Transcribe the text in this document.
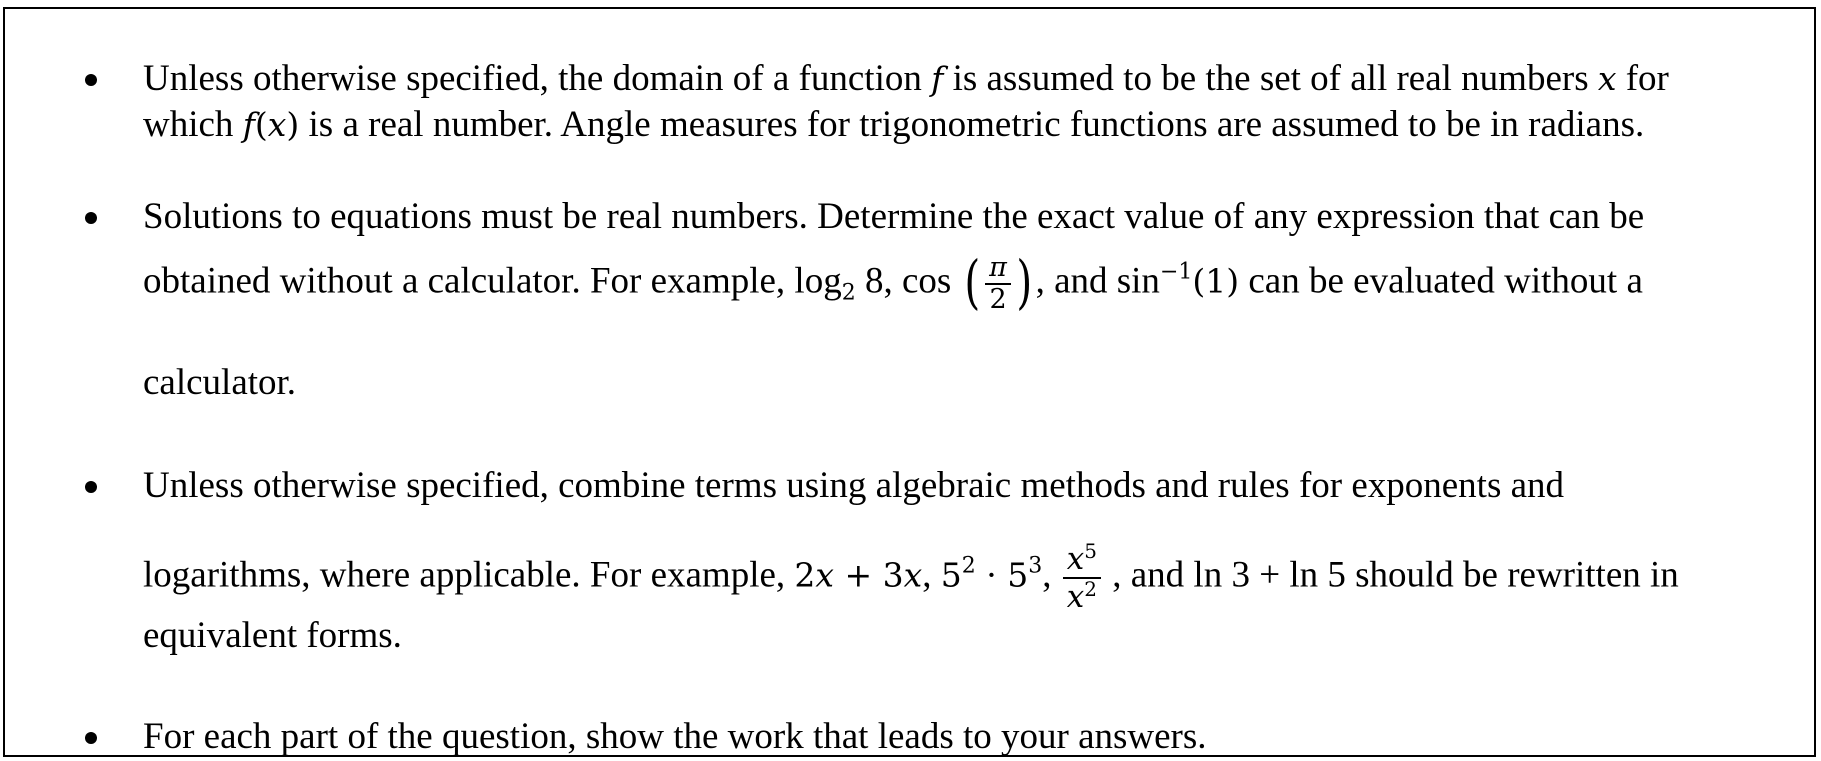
Unless otherwise specified, the domain of a function f is assumed to be the set of all real numbers x for
which f(x) is a real number. Angle measures for trigonometric functions are assumed to be in radians.
Solutions to equations must be real numbers. Determine the exact value of any expression that can be
obtained without a calculator. For example, $\log_2 8$, cos ( $\frac{\pi}{2}$ ), and $\sin^{-1}(1)$ can be evaluated without a
calculator.
Unless otherwise specified, combine terms using algebraic methods and rules for exponents and
logarithms, where applicable. For example, 2x + 3x, $5^2 \cdot 5^3$, $\frac{x^5}{x^2}$ , and ln 3 + ln 5 should be rewritten in
equivalent forms.
For each part of the question, show the work that leads to your answers.
